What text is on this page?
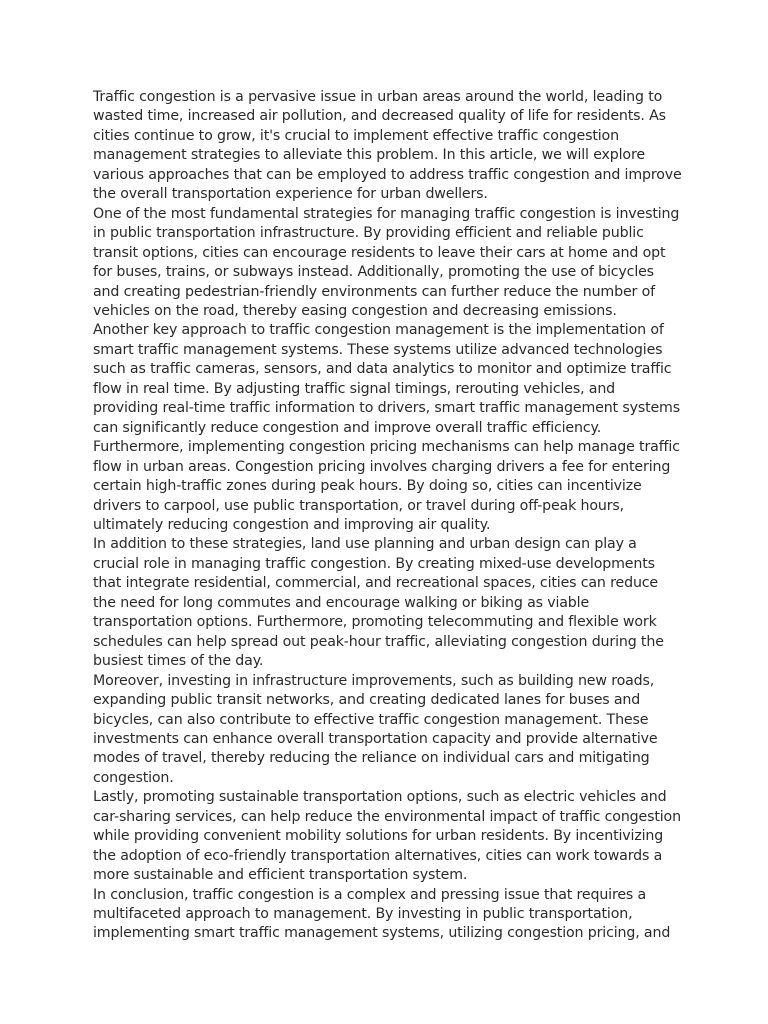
Traffic congestion is a pervasive issue in urban areas around the world, leading to wasted time, increased air pollution, and decreased quality of life for residents. As cities continue to grow, it's crucial to implement effective traffic congestion management strategies to alleviate this problem. In this article, we will explore various approaches that can be employed to address traffic congestion and improve the overall transportation experience for urban dwellers.

One of the most fundamental strategies for managing traffic congestion is investing in public transportation infrastructure. By providing efficient and reliable public transit options, cities can encourage residents to leave their cars at home and opt for buses, trains, or subways instead. Additionally, promoting the use of bicycles and creating pedestrian-friendly environments can further reduce the number of vehicles on the road, thereby easing congestion and decreasing emissions.

Another key approach to traffic congestion management is the implementation of smart traffic management systems. These systems utilize advanced technologies such as traffic cameras, sensors, and data analytics to monitor and optimize traffic flow in real time. By adjusting traffic signal timings, rerouting vehicles, and providing real-time traffic information to drivers, smart traffic management systems can significantly reduce congestion and improve overall traffic efficiency.

Furthermore, implementing congestion pricing mechanisms can help manage traffic flow in urban areas. Congestion pricing involves charging drivers a fee for entering certain high-traffic zones during peak hours. By doing so, cities can incentivize drivers to carpool, use public transportation, or travel during off-peak hours, ultimately reducing congestion and improving air quality.

In addition to these strategies, land use planning and urban design can play a crucial role in managing traffic congestion. By creating mixed-use developments that integrate residential, commercial, and recreational spaces, cities can reduce the need for long commutes and encourage walking or biking as viable transportation options. Furthermore, promoting telecommuting and flexible work schedules can help spread out peak-hour traffic, alleviating congestion during the busiest times of the day.

Moreover, investing in infrastructure improvements, such as building new roads, expanding public transit networks, and creating dedicated lanes for buses and bicycles, can also contribute to effective traffic congestion management. These investments can enhance overall transportation capacity and provide alternative modes of travel, thereby reducing the reliance on individual cars and mitigating congestion.

Lastly, promoting sustainable transportation options, such as electric vehicles and car-sharing services, can help reduce the environmental impact of traffic congestion while providing convenient mobility solutions for urban residents. By incentivizing the adoption of eco-friendly transportation alternatives, cities can work towards a more sustainable and efficient transportation system.

In conclusion, traffic congestion is a complex and pressing issue that requires a multifaceted approach to management. By investing in public transportation, implementing smart traffic management systems, utilizing congestion pricing, and
